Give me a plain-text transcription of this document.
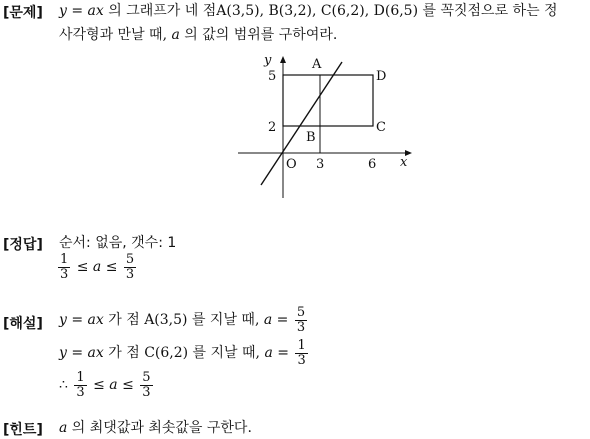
[문제] y = ax 의 그래프가 네 점A(3,5), B(3,2), C(6,2), D(6,5) 를 꼭짓점으로 하는 정
사각형과 만날 때, a 의 값의 범위를 구하여라.
y
x
O
5
2
3	6
A
B
C
D
[정답] 순서: 없음, 갯수: 1
$\frac{1}{3} \le a \le \frac{5}{3}$
[해설] y = ax 가 점 A(3,5) 를 지날 때, $a = \frac{5}{3}$
y = ax 가 점 C(6,2) 를 지날 때, $a = \frac{1}{3}$
∴ $\frac{1}{3} \le a \le \frac{5}{3}$
[힌트] a 의 최댓값과 최솟값을 구한다.
